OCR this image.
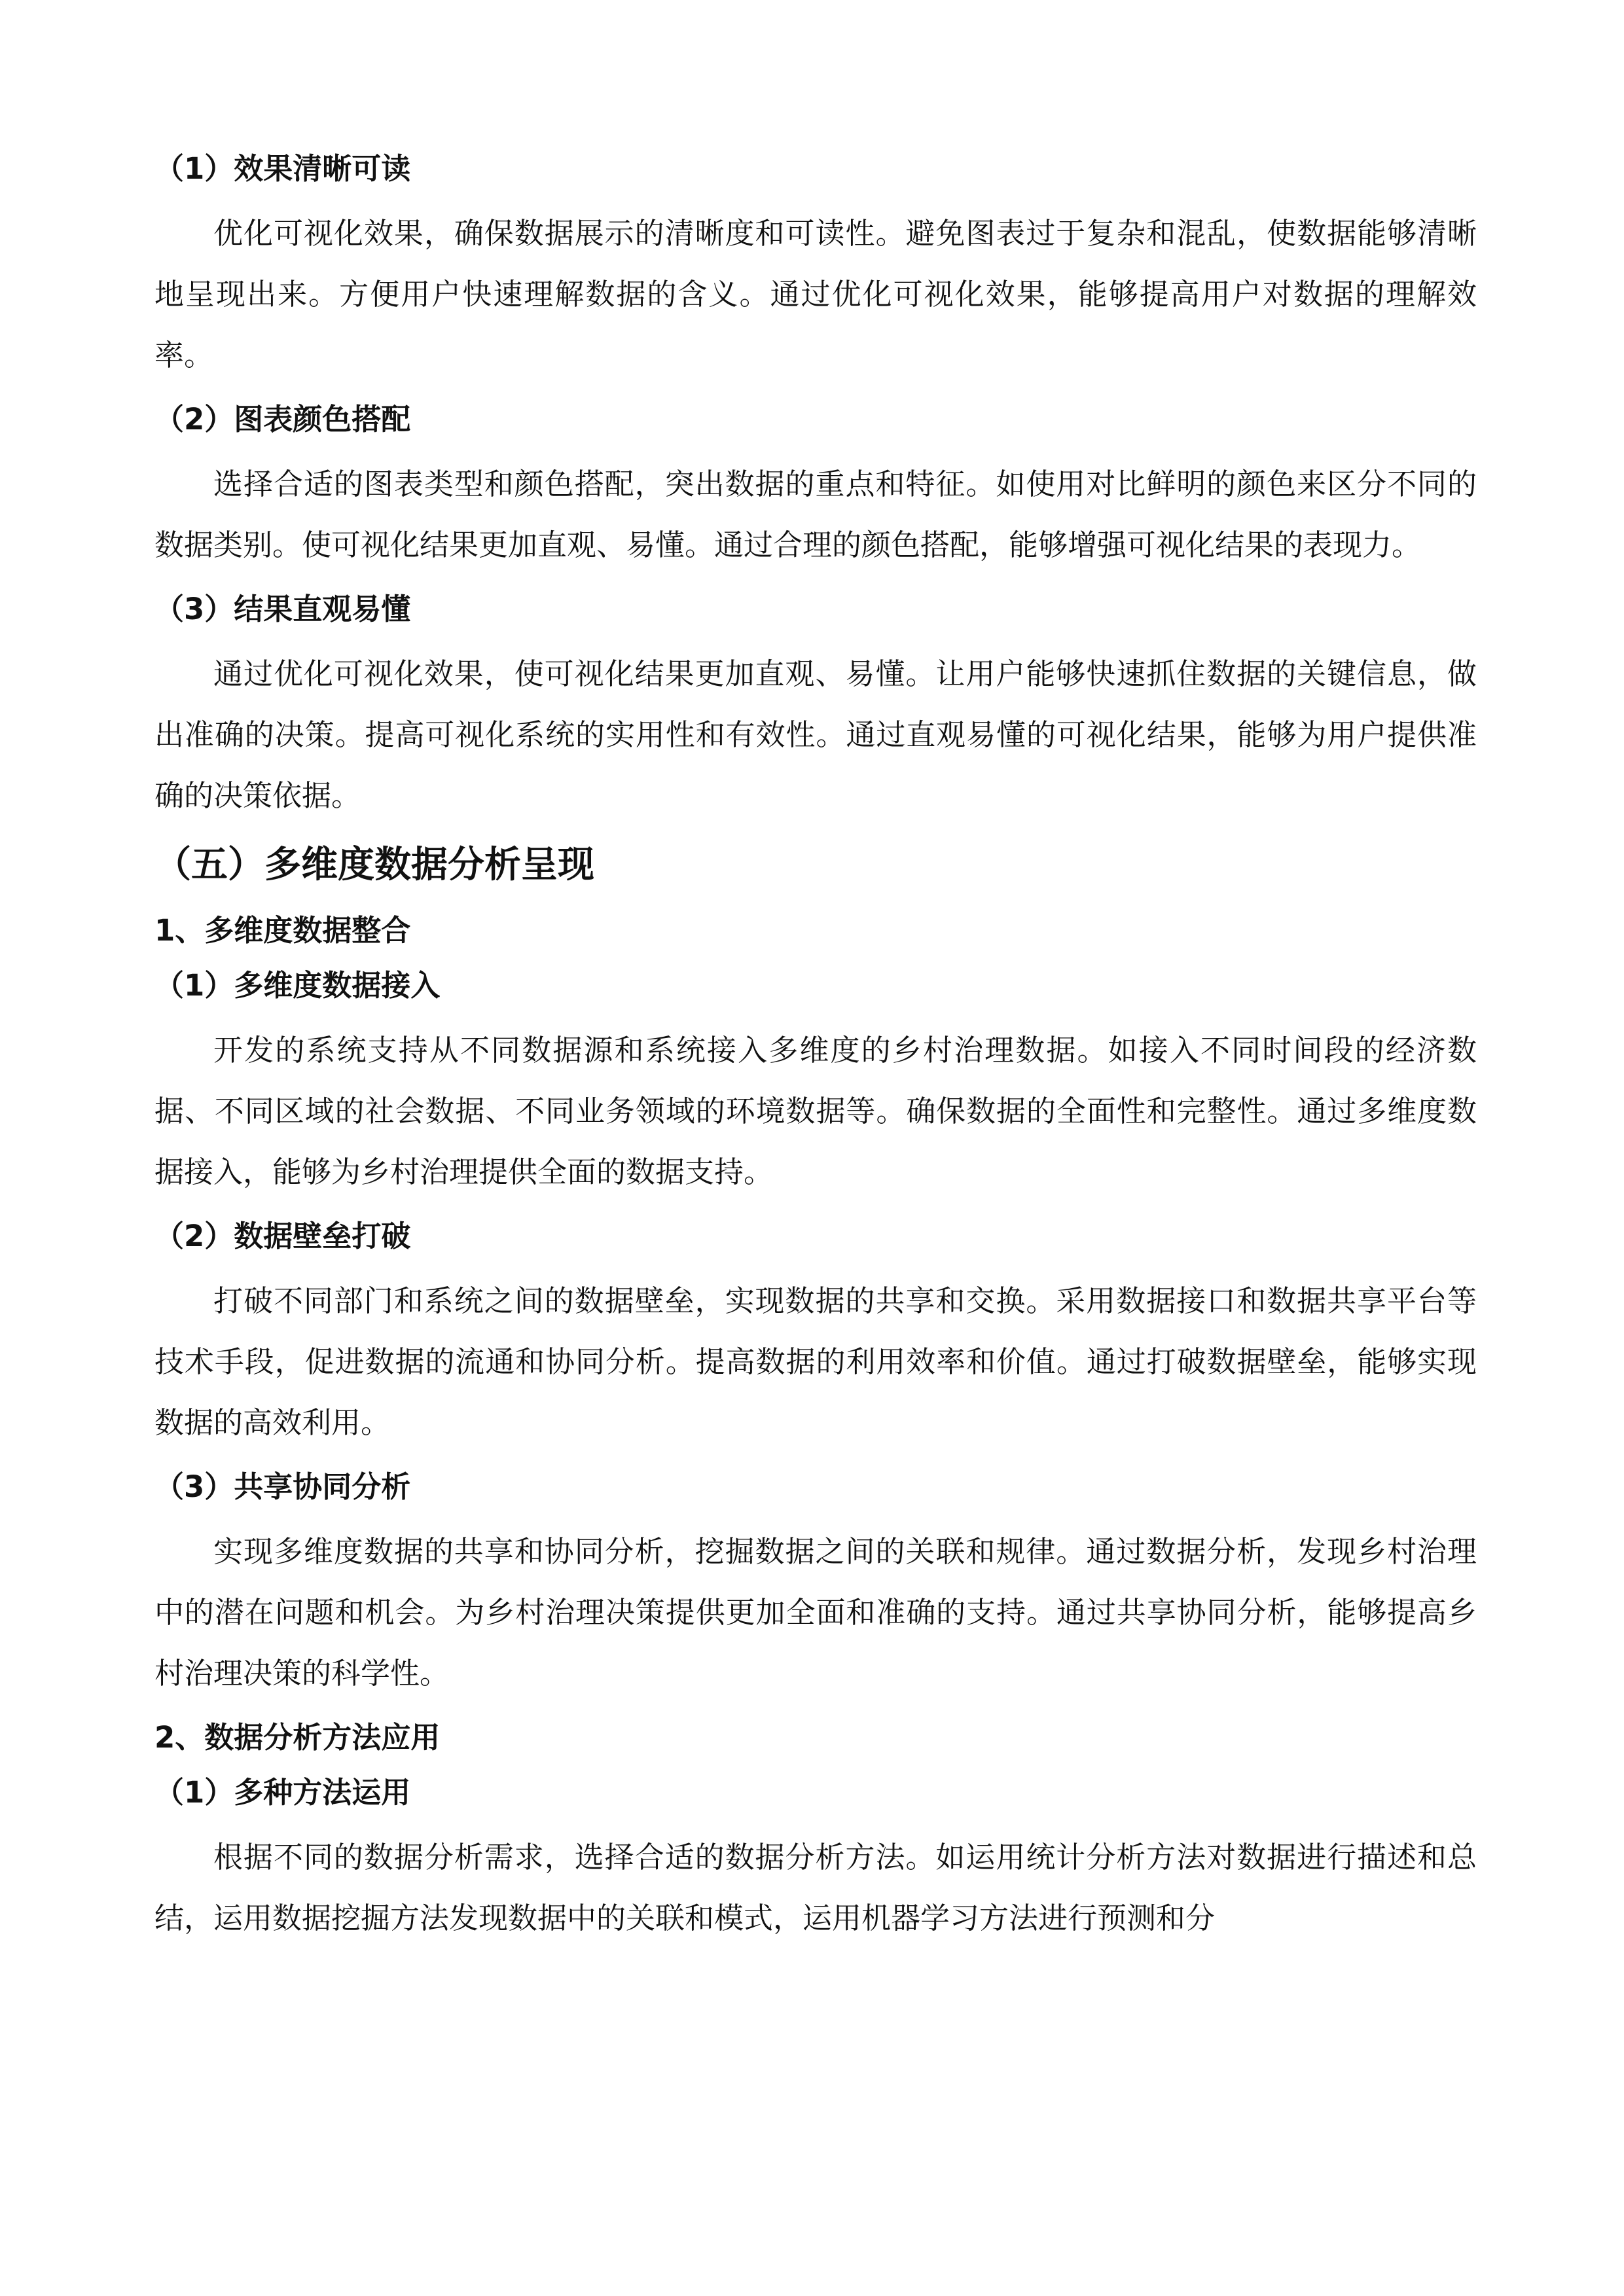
（1）效果清晰可读

优化可视化效果，确保数据展示的清晰度和可读性。避免图表过于复杂和混乱，使数据能够清晰地呈现出来。方便用户快速理解数据的含义。通过优化可视化效果，能够提高用户对数据的理解效率。

（2）图表颜色搭配

选择合适的图表类型和颜色搭配，突出数据的重点和特征。如使用对比鲜明的颜色来区分不同的数据类别。使可视化结果更加直观、易懂。通过合理的颜色搭配，能够增强可视化结果的表现力。

（3）结果直观易懂

通过优化可视化效果，使可视化结果更加直观、易懂。让用户能够快速抓住数据的关键信息，做出准确的决策。提高可视化系统的实用性和有效性。通过直观易懂的可视化结果，能够为用户提供准确的决策依据。

（五）多维度数据分析呈现
1、多维度数据整合
（1）多维度数据接入

开发的系统支持从不同数据源和系统接入多维度的乡村治理数据。如接入不同时间段的经济数据、不同区域的社会数据、不同业务领域的环境数据等。确保数据的全面性和完整性。通过多维度数据接入，能够为乡村治理提供全面的数据支持。

（2）数据壁垒打破

打破不同部门和系统之间的数据壁垒，实现数据的共享和交换。采用数据接口和数据共享平台等技术手段，促进数据的流通和协同分析。提高数据的利用效率和价值。通过打破数据壁垒，能够实现数据的高效利用。

（3）共享协同分析

实现多维度数据的共享和协同分析，挖掘数据之间的关联和规律。通过数据分析，发现乡村治理中的潜在问题和机会。为乡村治理决策提供更加全面和准确的支持。通过共享协同分析，能够提高乡村治理决策的科学性。

2、数据分析方法应用
（1）多种方法运用

根据不同的数据分析需求，选择合适的数据分析方法。如运用统计分析方法对数据进行描述和总结，运用数据挖掘方法发现数据中的关联和模式，运用机器学习方法进行预测和分
